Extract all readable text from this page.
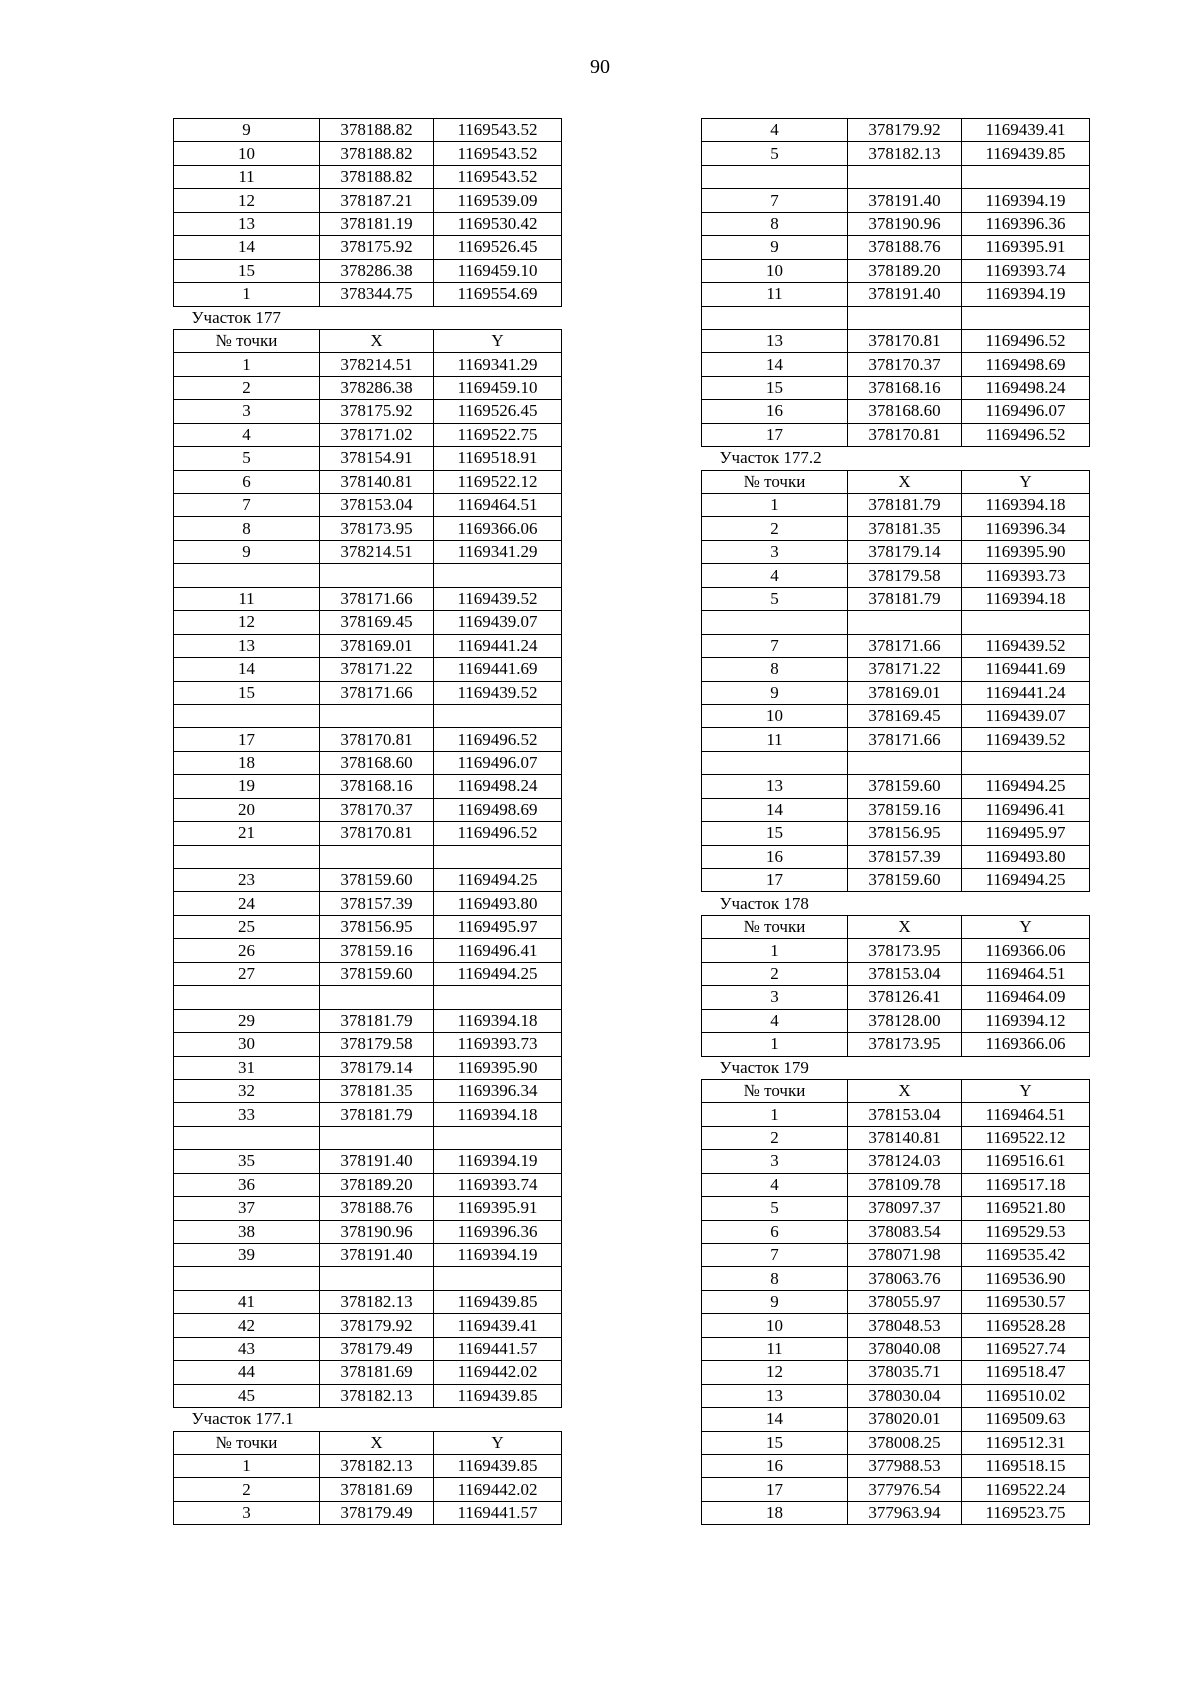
90
9	378188.82	1169543.52
10	378188.82	1169543.52
11	378188.82	1169543.52
12	378187.21	1169539.09
13	378181.19	1169530.42
14	378175.92	1169526.45
15	378286.38	1169459.10
1	378344.75	1169554.69
Участок 177		
№ точки	X	Y
1	378214.51	1169341.29
2	378286.38	1169459.10
3	378175.92	1169526.45
4	378171.02	1169522.75
5	378154.91	1169518.91
6	378140.81	1169522.12
7	378153.04	1169464.51
8	378173.95	1169366.06
9	378214.51	1169341.29

11	378171.66	1169439.52
12	378169.45	1169439.07
13	378169.01	1169441.24
14	378171.22	1169441.69
15	378171.66	1169439.52

17	378170.81	1169496.52
18	378168.60	1169496.07
19	378168.16	1169498.24
20	378170.37	1169498.69
21	378170.81	1169496.52

23	378159.60	1169494.25
24	378157.39	1169493.80
25	378156.95	1169495.97
26	378159.16	1169496.41
27	378159.60	1169494.25

29	378181.79	1169394.18
30	378179.58	1169393.73
31	378179.14	1169395.90
32	378181.35	1169396.34
33	378181.79	1169394.18

35	378191.40	1169394.19
36	378189.20	1169393.74
37	378188.76	1169395.91
38	378190.96	1169396.36
39	378191.40	1169394.19

41	378182.13	1169439.85
42	378179.92	1169439.41
43	378179.49	1169441.57
44	378181.69	1169442.02
45	378182.13	1169439.85
Участок 177.1		
№ точки	X	Y
1	378182.13	1169439.85
2	378181.69	1169442.02
3	378179.49	1169441.57
4	378179.92	1169439.41
5	378182.13	1169439.85

7	378191.40	1169394.19
8	378190.96	1169396.36
9	378188.76	1169395.91
10	378189.20	1169393.74
11	378191.40	1169394.19

13	378170.81	1169496.52
14	378170.37	1169498.69
15	378168.16	1169498.24
16	378168.60	1169496.07
17	378170.81	1169496.52
Участок 177.2		
№ точки	X	Y
1	378181.79	1169394.18
2	378181.35	1169396.34
3	378179.14	1169395.90
4	378179.58	1169393.73
5	378181.79	1169394.18

7	378171.66	1169439.52
8	378171.22	1169441.69
9	378169.01	1169441.24
10	378169.45	1169439.07
11	378171.66	1169439.52

13	378159.60	1169494.25
14	378159.16	1169496.41
15	378156.95	1169495.97
16	378157.39	1169493.80
17	378159.60	1169494.25
Участок 178		
№ точки	X	Y
1	378173.95	1169366.06
2	378153.04	1169464.51
3	378126.41	1169464.09
4	378128.00	1169394.12
1	378173.95	1169366.06
Участок 179		
№ точки	X	Y
1	378153.04	1169464.51
2	378140.81	1169522.12
3	378124.03	1169516.61
4	378109.78	1169517.18
5	378097.37	1169521.80
6	378083.54	1169529.53
7	378071.98	1169535.42
8	378063.76	1169536.90
9	378055.97	1169530.57
10	378048.53	1169528.28
11	378040.08	1169527.74
12	378035.71	1169518.47
13	378030.04	1169510.02
14	378020.01	1169509.63
15	378008.25	1169512.31
16	377988.53	1169518.15
17	377976.54	1169522.24
18	377963.94	1169523.75
